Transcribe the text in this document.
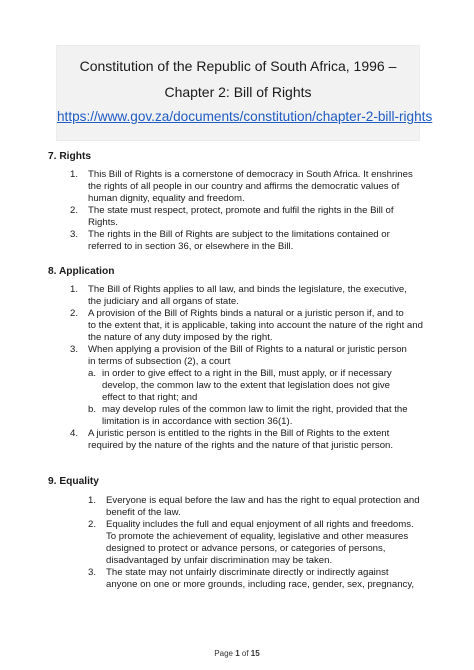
Constitution of the Republic of South Africa, 1996 –
Chapter 2: Bill of Rights
https://www.gov.za/documents/constitution/chapter-2-bill-rights
7. Rights
1. This Bill of Rights is a cornerstone of democracy in South Africa. It enshrines
the rights of all people in our country and affirms the democratic values of
human dignity, equality and freedom.
2. The state must respect, protect, promote and fulfil the rights in the Bill of
Rights.
3. The rights in the Bill of Rights are subject to the limitations contained or
referred to in section 36, or elsewhere in the Bill.
8. Application
1. The Bill of Rights applies to all law, and binds the legislature, the executive,
the judiciary and all organs of state.
2. A provision of the Bill of Rights binds a natural or a juristic person if, and to
to the extent that, it is applicable, taking into account the nature of the right and
the nature of any duty imposed by the right.
3. When applying a provision of the Bill of Rights to a natural or juristic person
in terms of subsection (2), a court
a. in order to give effect to a right in the Bill, must apply, or if necessary
develop, the common law to the extent that legislation does not give
effect to that right; and
b. may develop rules of the common law to limit the right, provided that the
limitation is in accordance with section 36(1).
4. A juristic person is entitled to the rights in the Bill of Rights to the extent
required by the nature of the rights and the nature of that juristic person.
9. Equality
1. Everyone is equal before the law and has the right to equal protection and
benefit of the law.
2. Equality includes the full and equal enjoyment of all rights and freedoms.
To promote the achievement of equality, legislative and other measures
designed to protect or advance persons, or categories of persons,
disadvantaged by unfair discrimination may be taken.
3. The state may not unfairly discriminate directly or indirectly against
anyone on one or more grounds, including race, gender, sex, pregnancy,
Page 1 of 15
